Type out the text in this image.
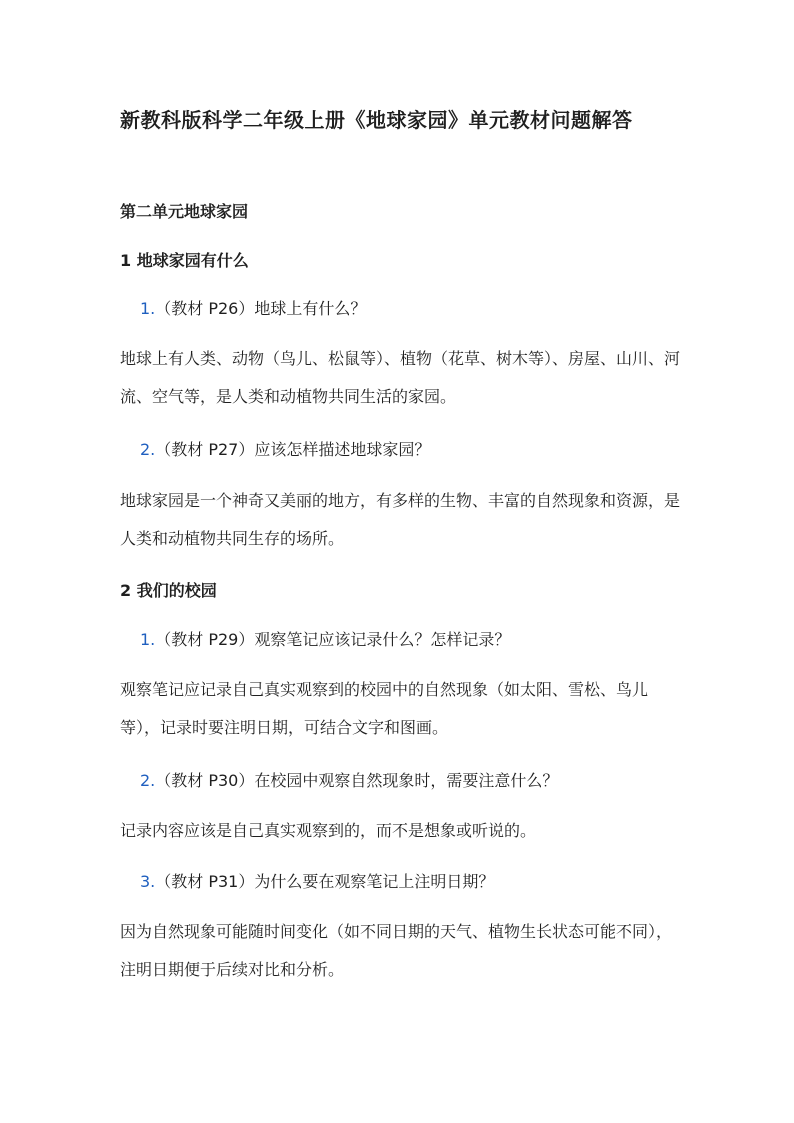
新教科版科学二年级上册《地球家园》单元教材问题解答
第二单元地球家园
1 地球家园有什么
1.（教材 P26）地球上有什么？
地球上有人类、动物（鸟儿、松鼠等）、植物（花草、树木等）、房屋、山川、河流、空气等，是人类和动植物共同生活的家园。
2.（教材 P27）应该怎样描述地球家园？
地球家园是一个神奇又美丽的地方，有多样的生物、丰富的自然现象和资源，是人类和动植物共同生存的场所。
2 我们的校园
1.（教材 P29）观察笔记应该记录什么？怎样记录？
观察笔记应记录自己真实观察到的校园中的自然现象（如太阳、雪松、鸟儿等），记录时要注明日期，可结合文字和图画。
2.（教材 P30）在校园中观察自然现象时，需要注意什么？
记录内容应该是自己真实观察到的，而不是想象或听说的。
3.（教材 P31）为什么要在观察笔记上注明日期？
因为自然现象可能随时间变化（如不同日期的天气、植物生长状态可能不同），注明日期便于后续对比和分析。
